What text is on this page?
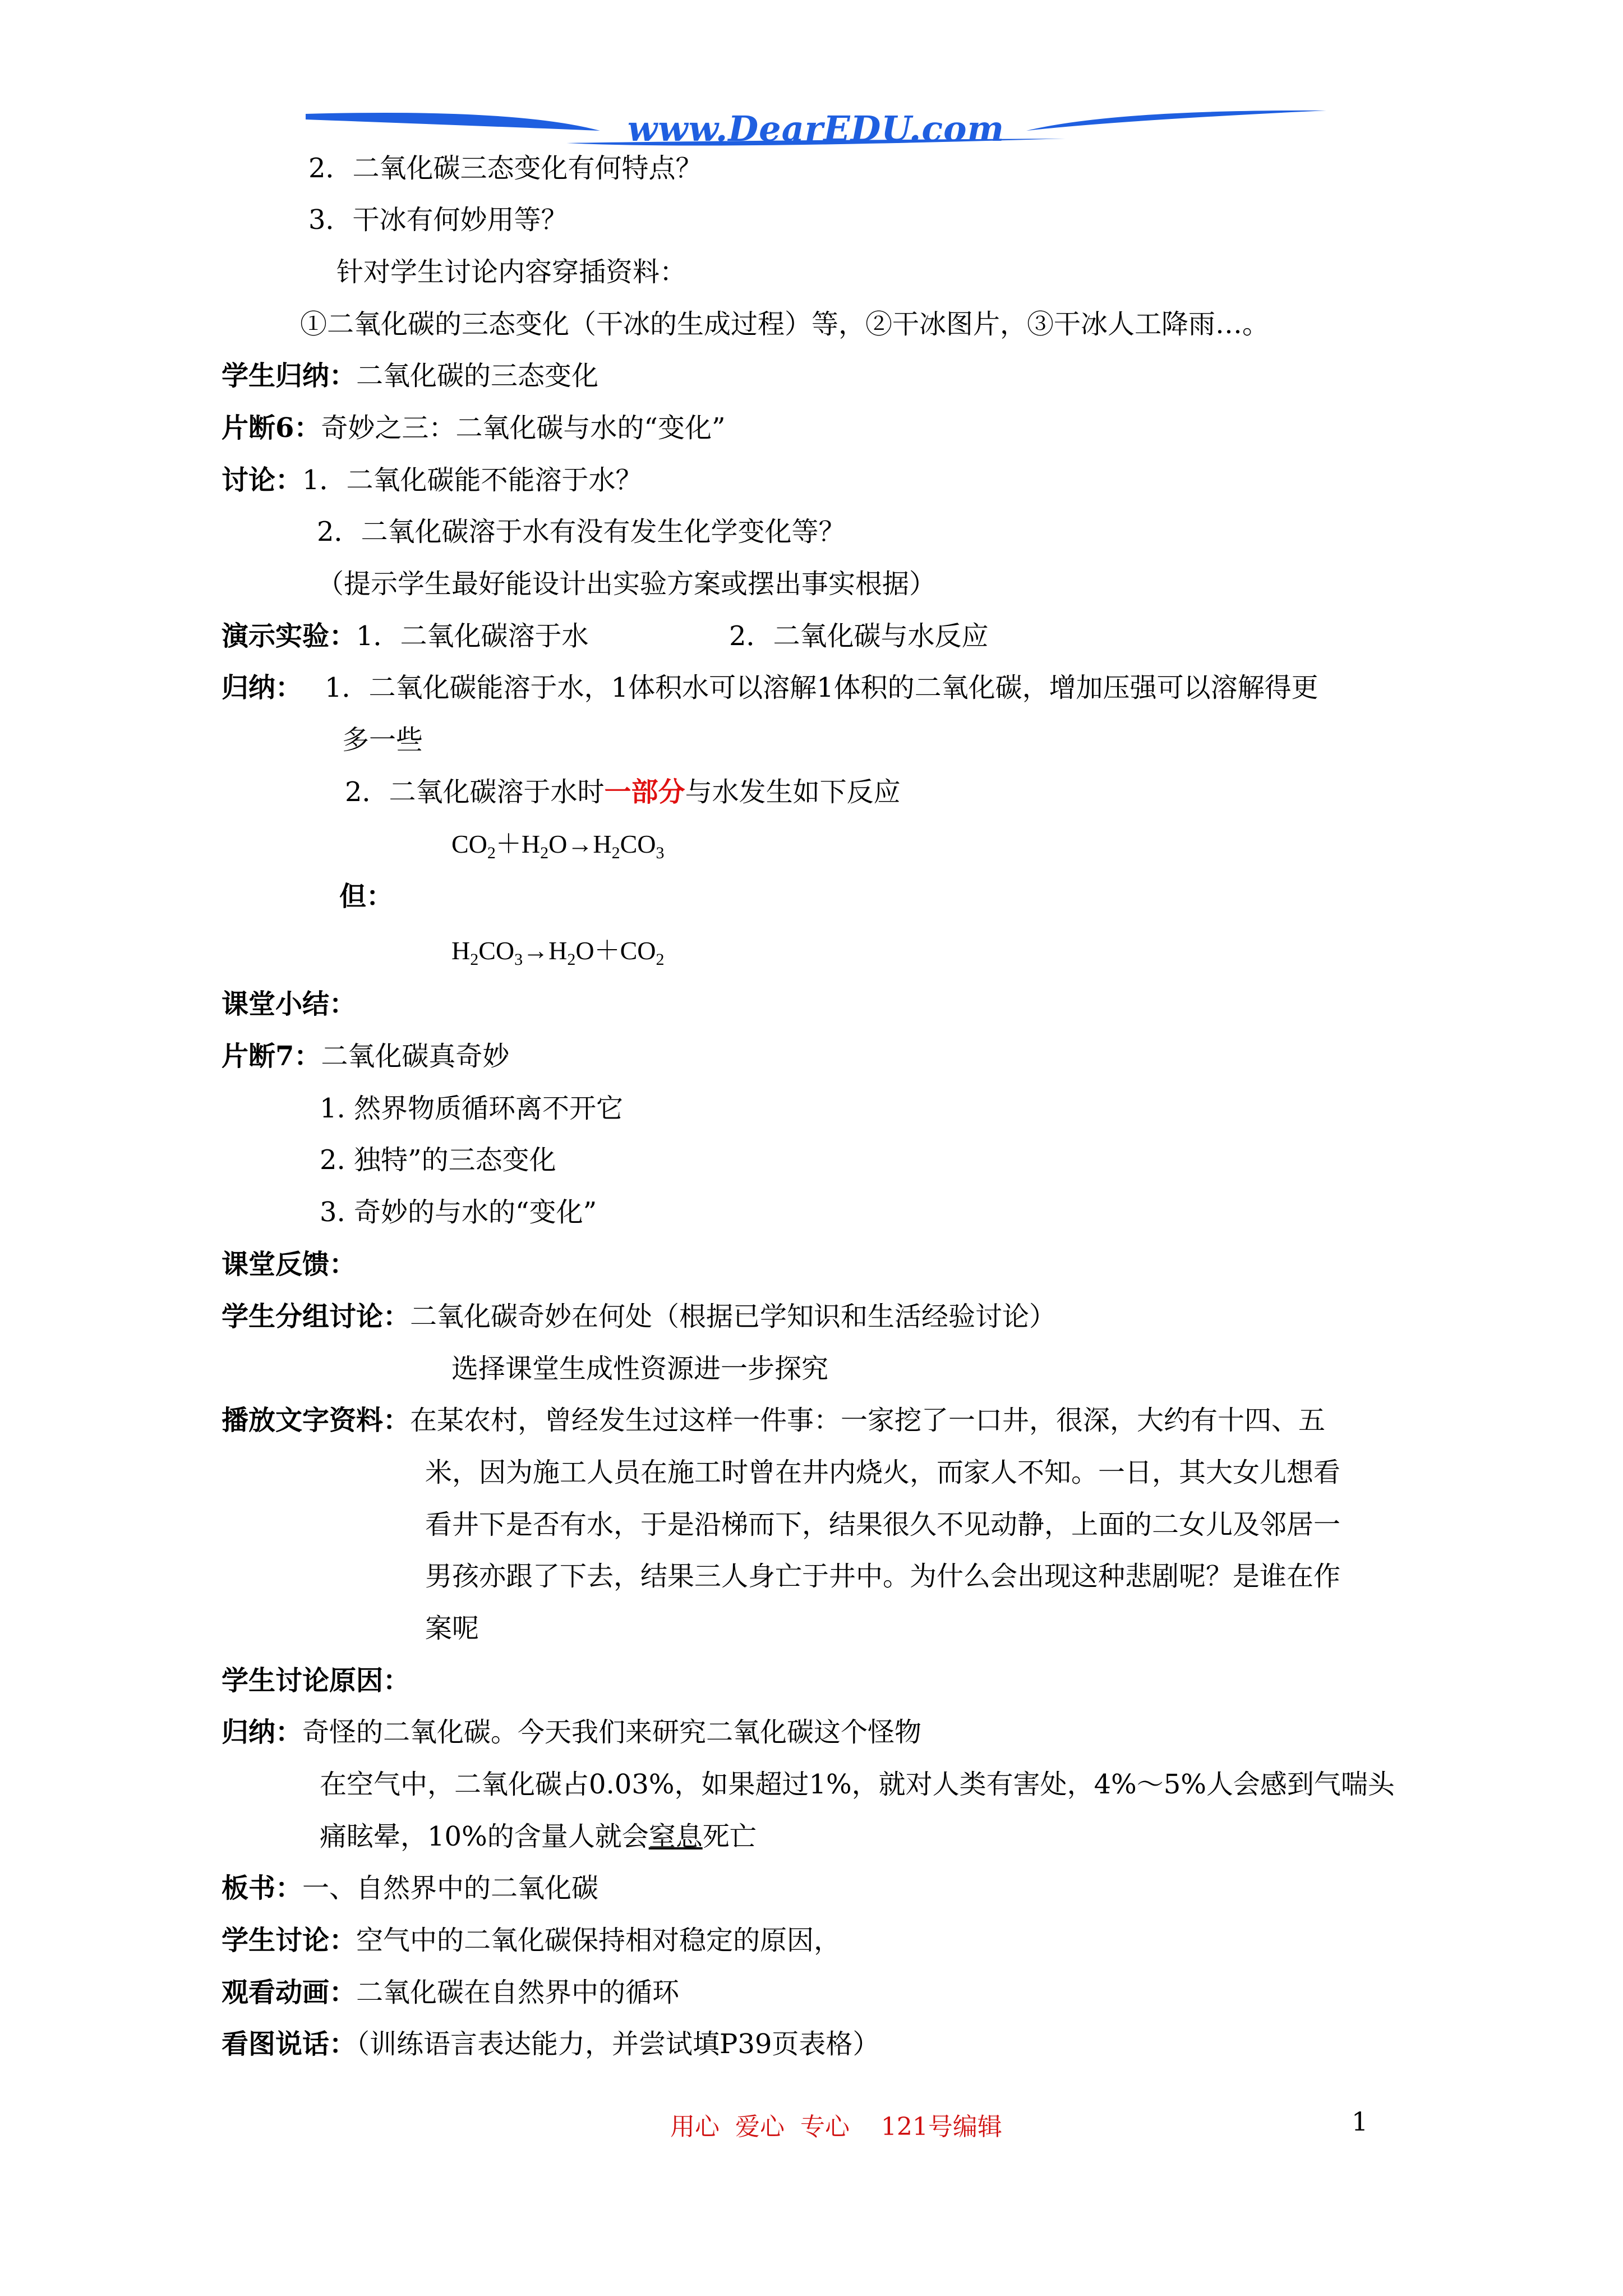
www.DearEDU.com
2．二氧化碳三态变化有何特点？
3．干冰有何妙用等？
针对学生讨论内容穿插资料：
①二氧化碳的三态变化（干冰的生成过程）等，②干冰图片，③干冰人工降雨…。
学生归纳：二氧化碳的三态变化
片断6：奇妙之三：二氧化碳与水的“变化”
讨论：1．二氧化碳能不能溶于水？
2．二氧化碳溶于水有没有发生化学变化等？
（提示学生最好能设计出实验方案或摆出事实根据）
演示实验：1．二氧化碳溶于水	2．二氧化碳与水反应
归纳： 1．二氧化碳能溶于水，1体积水可以溶解1体积的二氧化碳，增加压强可以溶解得更
多一些
2．二氧化碳溶于水时一部分与水发生如下反应
$CO_2+H_2O\to H_2CO_3$
但：
$H_2CO_3\to H_2O+CO_2$
课堂小结：
片断7：二氧化碳真奇妙
1. 然界物质循环离不开它
2. 独特”的三态变化
3. 奇妙的与水的“变化”
课堂反馈：
学生分组讨论：二氧化碳奇妙在何处（根据已学知识和生活经验讨论）
选择课堂生成性资源进一步探究
播放文字资料：在某农村，曾经发生过这样一件事：一家挖了一口井，很深，大约有十四、五
米，因为施工人员在施工时曾在井内烧火，而家人不知。一日，其大女儿想看
看井下是否有水，于是沿梯而下，结果很久不见动静，上面的二女儿及邻居一
男孩亦跟了下去，结果三人身亡于井中。为什么会出现这种悲剧呢？是谁在作
案呢
学生讨论原因：
归纳：奇怪的二氧化碳。今天我们来研究二氧化碳这个怪物
在空气中，二氧化碳占0.03%，如果超过1%，就对人类有害处，4%～5%人会感到气喘头
痛眩晕，10%的含量人就会窒息死亡
板书：一、自然界中的二氧化碳
学生讨论：空气中的二氧化碳保持相对稳定的原因，
观看动画：二氧化碳在自然界中的循环
看图说话：（训练语言表达能力，并尝试填P39页表格）
用心  爱心  专心    121号编辑	1
